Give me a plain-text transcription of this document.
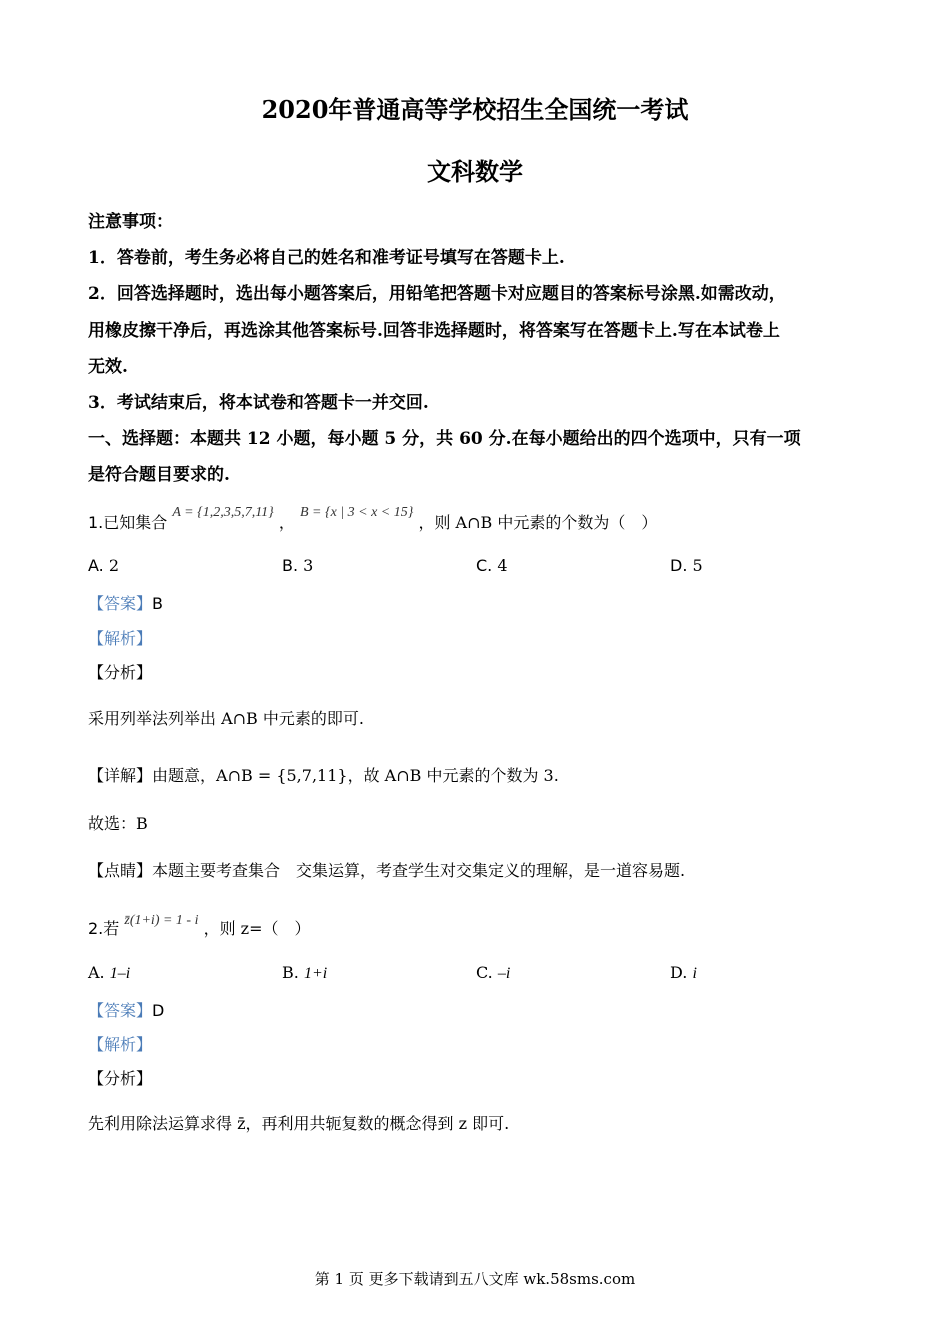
2020年普通高等学校招生全国统一考试
文科数学
注意事项：
1．答卷前，考生务必将自己的姓名和准考证号填写在答题卡上.
2．回答选择题时，选出每小题答案后，用铅笔把答题卡对应题目的答案标号涂黑.如需改动，
用橡皮擦干净后，再选涂其他答案标号.回答非选择题时，将答案写在答题卡上.写在本试卷上
无效.
3．考试结束后，将本试卷和答题卡一并交回.
一、选择题：本题共 12 小题，每小题 5 分，共 60 分.在每小题给出的四个选项中，只有一项
是符合题目要求的.
1.已知集合 A = {1,2,3,5,7,11} ， B = {x | 3 < x < 15} ，则 A∩B 中元素的个数为（　）
A. 2	B. 3	C. 4	D. 5
【答案】B
【解析】
【分析】
采用列举法列举出 A∩B 中元素的即可.
【详解】由题意，A∩B = {5,7,11}，故 A∩B 中元素的个数为 3.
故选：B
【点睛】本题主要考查集合　交集运算，考查学生对交集定义的理解，是一道容易题.
2.若 z̄(1+i) = 1 - i ，则 z=（　）
A. 1–i	B. 1+i	C. –i	D. i
【答案】D
【解析】
【分析】
先利用除法运算求得 z̄，再利用共轭复数的概念得到 z 即可.
第 1 页 更多下载请到五八文库 wk.58sms.com
